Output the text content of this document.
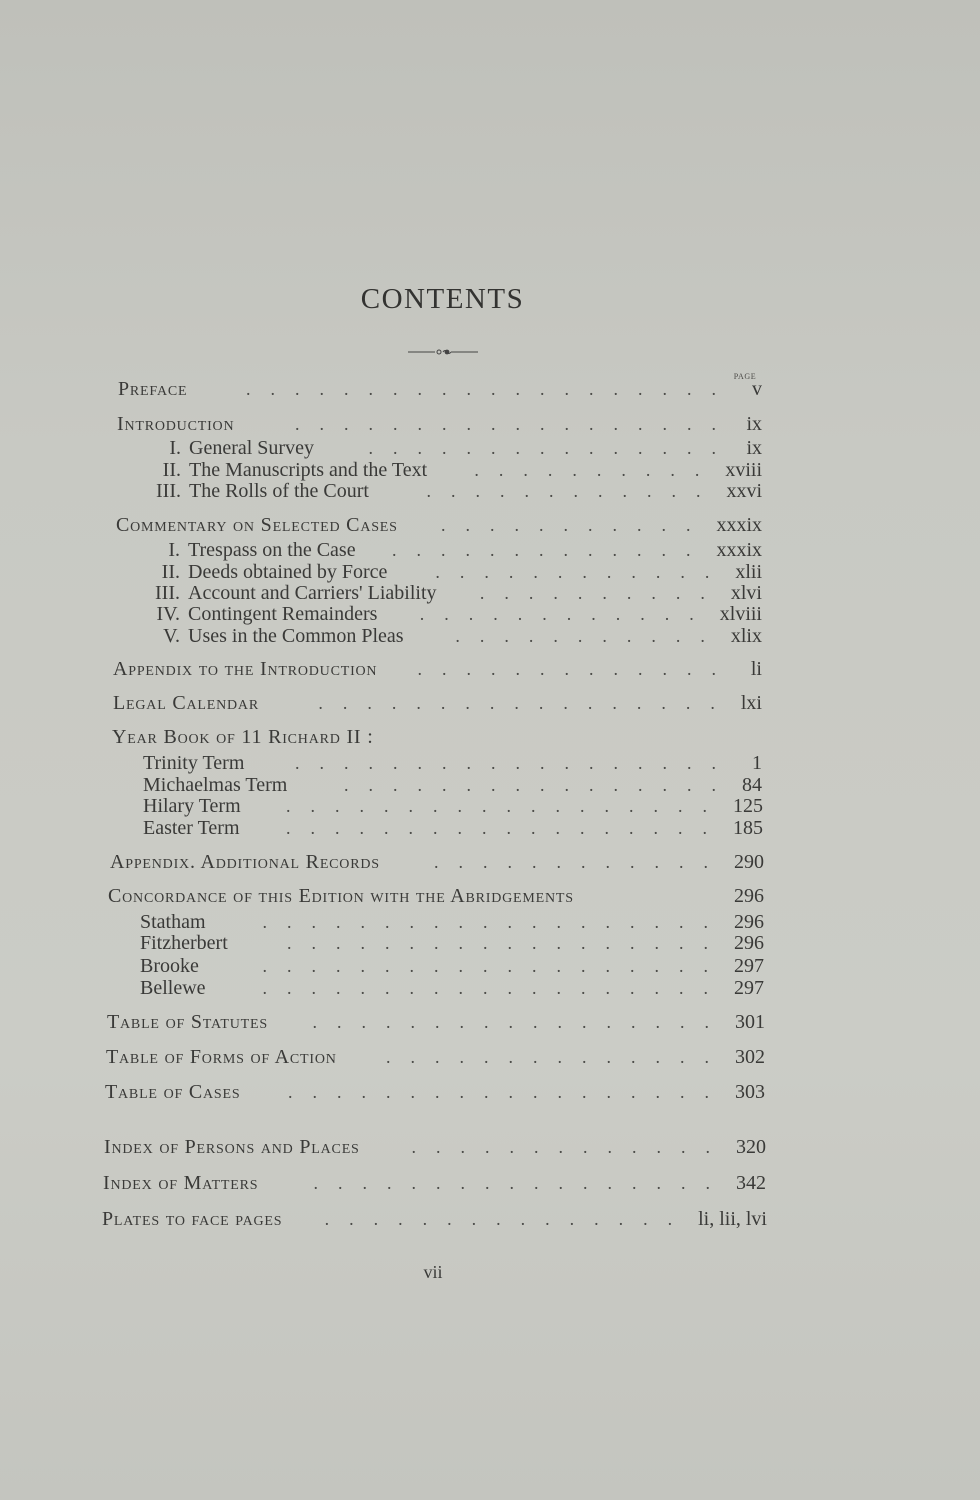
CONTENTS
PAGE
Preface	v
....................
Introduction	ix
..................
I. General Survey	ix
...............
II. The Manuscripts and the Text	xviii
..........
III. The Rolls of the Court	xxvi
............
Commentary on Selected Cases	xxxix
...........
I. Trespass on the Case	xxxix
.............
II. Deeds obtained by Force	xlii
............
III. Account and Carriers' Liability	xlvi
..........
IV. Contingent Remainders	xlviii
............
V. Uses in the Common Pleas	xlix
...........
Appendix to the Introduction	li
.............
Legal Calendar	lxi
.................
Year Book of 11 Richard II :
Trinity Term	1
..................
Michaelmas Term	84
................
Hilary Term	125
..................
Easter Term	185
..................
Appendix. Additional Records	290
............
Concordance of this Edition with the Abridgements	296
Statham	296
...................
Fitzherbert	296
..................
Brooke	297
...................
Bellewe	297
...................
Table of Statutes	301
.................
Table of Forms of Action	302
..............
Table of Cases	303
..................
Index of Persons and Places	320
.............
Index of Matters	342
.................
Plates to face pages	li, lii, lvi
...............
vii
